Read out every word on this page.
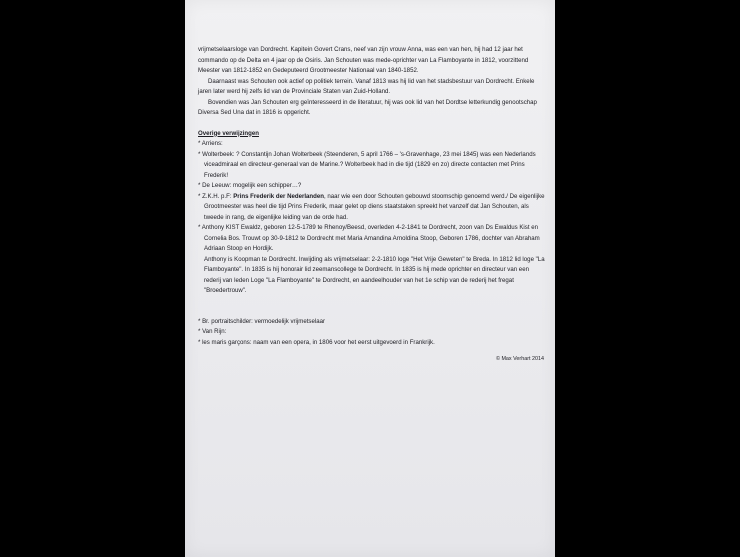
vrijmetselaarsloge van Dordrecht. Kapitein Govert Crans, neef van zijn vrouw Anna, was een van hen, hij had 12 jaar het commando op de Delta en 4 jaar op de Osiris. Jan Schouten was mede-oprichter van La Flamboyante in 1812, voorzittend Meester van 1812-1852 en Gedeputeerd Grootmeester Nationaal van 1840-1852.

Daarnaast was Schouten ook actief op politiek terrein. Vanaf 1813 was hij lid van het stadsbestuur van Dordrecht. Enkele jaren later werd hij zelfs lid van de Provinciale Staten van Zuid-Holland.

Bovendien was Jan Schouten erg geïnteresseerd in de literatuur, hij was ook lid van het Dordtse letterkundig genootschap Diversa Sed Una dat in 1816 is opgericht.

Overige verwijzingen

* Arriens:

* Wolterbeek: ? Constantijn Johan Wolterbeek (Steenderen, 5 april 1766 – 's-Gravenhage, 23 mei 1845) was een Nederlands viceadmiraal en directeur-generaal van de Marine.? Wolterbeek had in die tijd (1829 en zo) directe contacten met Prins Frederik!

* De Leeuw: mogelijk een schipper…?

* Z.K.H. p.F: Prins Frederik der Nederlanden, naar wie een door Schouten gebouwd stoomschip genoemd werd./ De eigenlijke Grootmeester was heel die tijd Prins Frederik, maar gelet op diens staatstaken spreekt het vanzelf dat Jan Schouten, als tweede in rang, de eigenlijke leiding van de orde had.

* Anthony KIST Ewaldz, geboren 12-5-1789 te Rhenoy/Beesd, overleden 4-2-1841 te Dordrecht, zoon van Ds Ewaldus Kist en Cornelia Bos. Trouwt op 30-9-1812 te Dordrecht met Maria Amandina Arnoldina Stoop, Geboren 1786, dochter van Abraham Adriaan Stoop en Hordijk.

Anthony is Koopman te Dordrecht. Inwijding als vrijmetselaar: 2-2-1810 loge "Het Vrije Geweten" te Breda. In 1812 lid loge "La Flamboyante". In 1835 is hij honorair lid zeemanscollege te Dordrecht. In 1835 is hij mede oprichter en directeur van een rederij van leden Loge "La Flamboyante" te Dordrecht, en aandeelhouder van het 1e schip van de rederij het fregat "Broedertrouw".

* Br. portraitschilder: vermoedelijk vrijmetselaar

* Van Rijn:

* les maris garçons: naam van een opera, in 1806 voor het eerst uitgevoerd in Frankrijk.

© Max Verhart 2014
